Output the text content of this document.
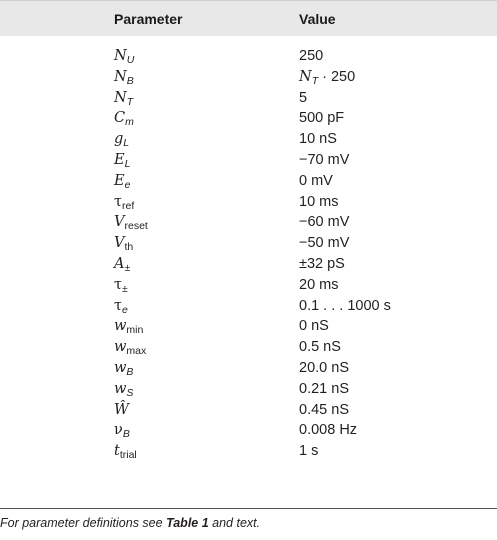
Parameter	Value
$N_U$	250
$N_B$	$N_T \cdot 250$
$N_T$	5
$C_m$	500 pF
$g_L$	10 nS
$E_L$	−70 mV
$E_e$	0 mV
$\tau_{ref}$	10 ms
$V_{reset}$	−60 mV
$V_{th}$	−50 mV
$A_\pm$	±32 pS
$\tau_\pm$	20 ms
$\tau_e$	0.1 . . . 1000 s
$w_{min}$	0 nS
$w_{max}$	0.5 nS
$w_B$	20.0 nS
$w_S$	0.21 nS
Ŵ	0.45 nS
$\nu_B$	0.008 Hz
$t_{trial}$	1 s
For parameter definitions see Table 1 and text.
